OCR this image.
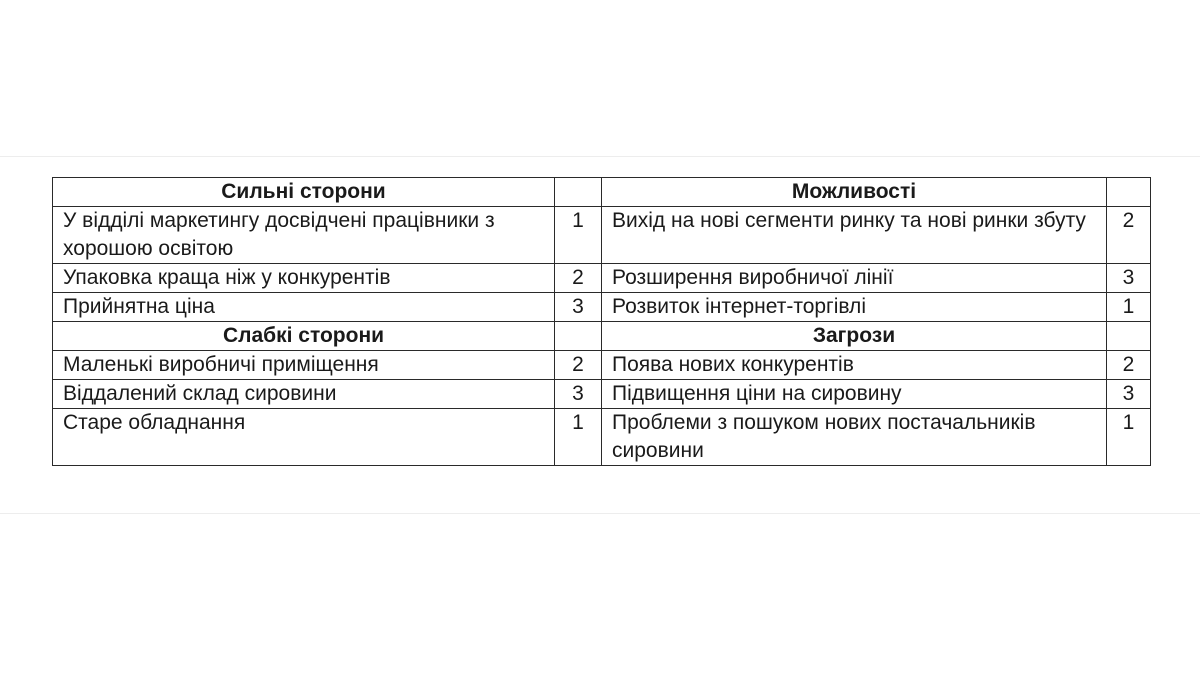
Сильні сторони		Можливості	
У відділі маркетингу досвідчені працівники з хорошою освітою	1	Вихід на нові сегменти ринку та нові ринки збуту	2
Упаковка краща ніж у конкурентів	2	Розширення виробничої лінії	3
Прийнятна ціна	3	Розвиток інтернет-торгівлі	1
Слабкі сторони		Загрози	
Маленькі виробничі приміщення	2	Поява нових конкурентів	2
Віддалений склад сировини	3	Підвищення ціни на сировину	3
Старе обладнання	1	Проблеми з пошуком нових постачальників сировини	1
